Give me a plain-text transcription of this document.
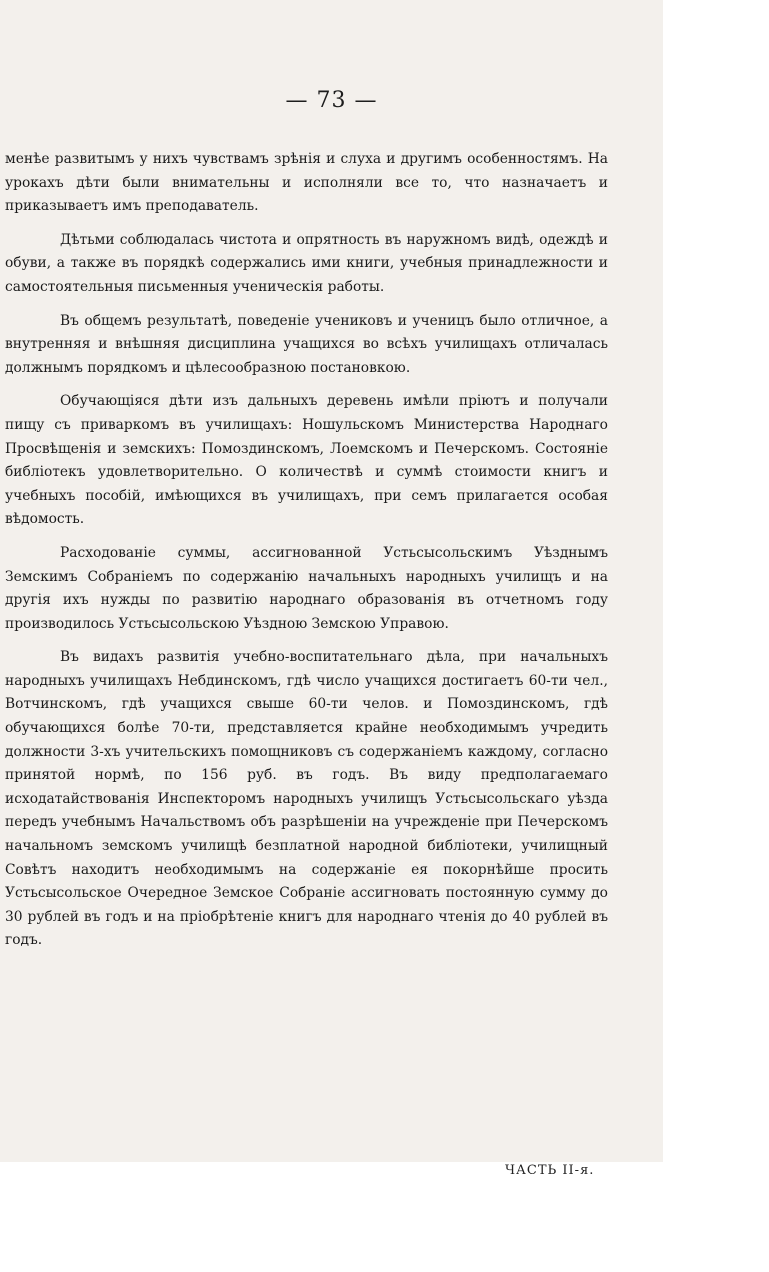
— 73 —

менѣе развитымъ у нихъ чувствамъ зрѣнія и слуха и другимъ особенностямъ. На урокахъ дѣти были внимательны и исполняли все то, что назначаетъ и приказываетъ имъ преподаватель.

Дѣтьми соблюдалась чистота и опрятность въ наружномъ видѣ, одеждѣ и обуви, а также въ порядкѣ содержались ими книги, учебныя принадлежности и самостоятельныя письменныя ученическія работы.

Въ общемъ результатѣ, поведеніе учениковъ и ученицъ было отличное, а внутренняя и внѣшняя дисциплина учащихся во всѣхъ училищахъ отличалась должнымъ порядкомъ и цѣлесообразною постановкою.

Обучающіяся дѣти изъ дальныхъ деревень имѣли пріютъ и получали пищу съ приваркомъ въ училищахъ: Ношульскомъ Министерства Народнаго Просвѣщенія и земскихъ: Помоздинскомъ, Лоемскомъ и Печерскомъ. Состояніе библіотекъ удовлетворительно. О количествѣ и суммѣ стоимости книгъ и учебныхъ пособій, имѣющихся въ училищахъ, при семъ прилагается особая вѣдомость.

Расходованіе суммы, ассигнованной Устьсысольскимъ Уѣзднымъ Земскимъ Собраніемъ по содержанію начальныхъ народныхъ училищъ и на другія ихъ нужды по развитію народнаго образованія въ отчетномъ году производилось Устьсысольскою Уѣздною Земскою Управою.

Въ видахъ развитія учебно-воспитательнаго дѣла, при начальныхъ народныхъ училищахъ Небдинскомъ, гдѣ число учащихся достигаетъ 60-ти чел., Вотчинскомъ, гдѣ учащихся свыше 60-ти челов. и Помоздинскомъ, гдѣ обучающихся болѣе 70-ти, представляется крайне необходимымъ учредить должности 3-хъ учительскихъ помощниковъ съ содержаніемъ каждому, согласно принятой нормѣ, по 156 руб. въ годъ. Въ виду предполагаемаго исходатайствованія Инспекторомъ народныхъ училищъ Устьсысольскаго уѣзда передъ учебнымъ Начальствомъ объ разрѣшеніи на учрежденіе при Печерскомъ начальномъ земскомъ училищѣ безплатной народной библіотеки, училищный Совѣтъ находитъ необходимымъ на содержаніе ея покорнѣйше просить Устьсысольское Очередное Земское Собраніе ассигновать постоянную сумму до 30 рублей въ годъ и на пріобрѣтеніе книгъ для народнаго чтенія до 40 рублей въ годъ.

ЧАСТЬ II-я.
